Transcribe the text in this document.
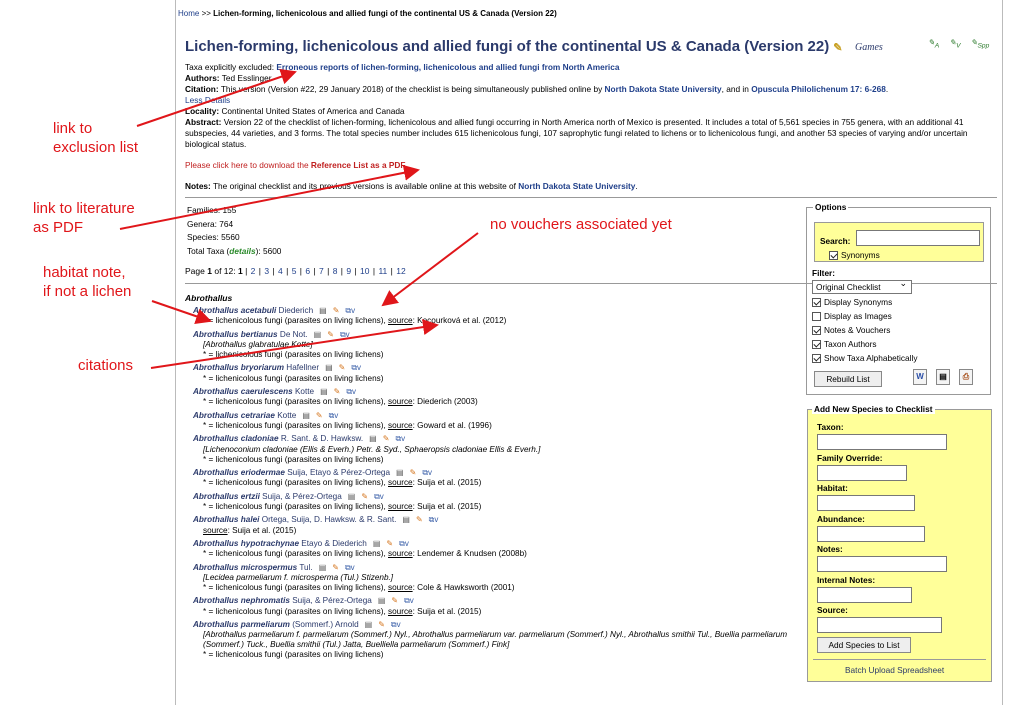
Home >> Lichen-forming, lichenicolous and allied fungi of the continental US & Canada (Version 22)
Lichen-forming, lichenicolous and allied fungi of the continental US & Canada (Version 22) ✎ Games	$✎_A$ $✎_V$ $✎_{Spp}$
Taxa explicitly excluded: Erroneous reports of lichen-forming, lichenicolous and allied fungi from North America
Authors: Ted Esslinger
Citation: This version (Version #22, 29 January 2018) of the checklist is being simultaneously published online by North Dakota State University, and in Opuscula Philolichenum 17: 6-268.
Less Details
Locality: Continental United States of America and Canada
Abstract: Version 22 of the checklist of lichen-forming, lichenicolous and allied fungi occurring in North America north of Mexico is presented. It includes a total of 5,561 species in 755 genera, with an additional 41 subspecies, 44 varieties, and 3 forms. The total species number includes 615 lichenicolous fungi, 107 saprophytic fungi related to lichens or to lichenicolous fungi, and another 53 species of varying and/or uncertain biological status.
Please click here to download the Reference List as a PDF.
Notes: The original checklist and its previous versions is available online at this website of North Dakota State University.
Families: 155
Genera: 764
Species: 5560
Total Taxa (details): 5600
Page 1 of 12: 1 | 2 | 3 | 4 | 5 | 6 | 7 | 8 | 9 | 10 | 11 | 12
Abrothallus
Abrothallus acetabuli Diederich ▤ ✎ ⧉v
* = lichenicolous fungi (parasites on living lichens), source: Kocourková et al. (2012)
Abrothallus bertianus De Not. ▤ ✎ ⧉v
[Abrothallus glabratulae Kotte]
* = lichenicolous fungi (parasites on living lichens)
Abrothallus bryoriarum Hafellner ▤ ✎ ⧉v
* = lichenicolous fungi (parasites on living lichens)
Abrothallus caerulescens Kotte ▤ ✎ ⧉v
* = lichenicolous fungi (parasites on living lichens), source: Diederich (2003)
Abrothallus cetrariae Kotte ▤ ✎ ⧉v
* = lichenicolous fungi (parasites on living lichens), source: Goward et al. (1996)
Abrothallus cladoniae R. Sant. & D. Hawksw. ▤ ✎ ⧉v
[Lichenoconium cladoniae (Ellis & Everh.) Petr. & Syd., Sphaeropsis cladoniae Ellis & Everh.]
* = lichenicolous fungi (parasites on living lichens)
Abrothallus eriodermae Suija, Etayo & Pérez-Ortega ▤ ✎ ⧉v
* = lichenicolous fungi (parasites on living lichens), source: Suija et al. (2015)
Abrothallus ertzii Suija, & Pérez-Ortega ▤ ✎ ⧉v
* = lichenicolous fungi (parasites on living lichens), source: Suija et al. (2015)
Abrothallus halei Ortega, Suija, D. Hawksw. & R. Sant. ▤ ✎ ⧉v
source: Suija et al. (2015)
Abrothallus hypotrachynae Etayo & Diederich ▤ ✎ ⧉v
* = lichenicolous fungi (parasites on living lichens), source: Lendemer & Knudsen (2008b)
Abrothallus microspermus Tul. ▤ ✎ ⧉v
[Lecidea parmeliarum f. microsperma (Tul.) Stizenb.]
* = lichenicolous fungi (parasites on living lichens), source: Cole & Hawksworth (2001)
Abrothallus nephromatis Suija, & Pérez-Ortega ▤ ✎ ⧉v
* = lichenicolous fungi (parasites on living lichens), source: Suija et al. (2015)
Abrothallus parmeliarum (Sommerf.) Arnold ▤ ✎ ⧉v
[Abrothallus parmeliarum f. parmeliarum (Sommerf.) Nyl., Abrothallus parmeliarum var. parmeliarum (Sommerf.) Nyl., Abrothallus smithii Tul., Buellia parmeliarum (Sommerf.) Tuck., Buellia smithii (Tul.) Jatta, Buelliella parmeliarum (Sommerf.) Fink]
* = lichenicolous fungi (parasites on living lichens)
Options
Search:
Synonyms
Filter:
Original Checklist ⌄
Display Synonyms
Display as Images
Notes & Vouchers
Taxon Authors
Show Taxa Alphabetically
Rebuild List	W	▤	⎙
Add New Species to Checklist
Taxon:
Family Override:
Habitat:
Abundance:
Notes:
Internal Notes:
Source:
Add Species to List
Batch Upload Spreadsheet
link to
exclusion list
link to literature
as PDF	no vouchers associated yet
habitat note,
if not a lichen
citations
